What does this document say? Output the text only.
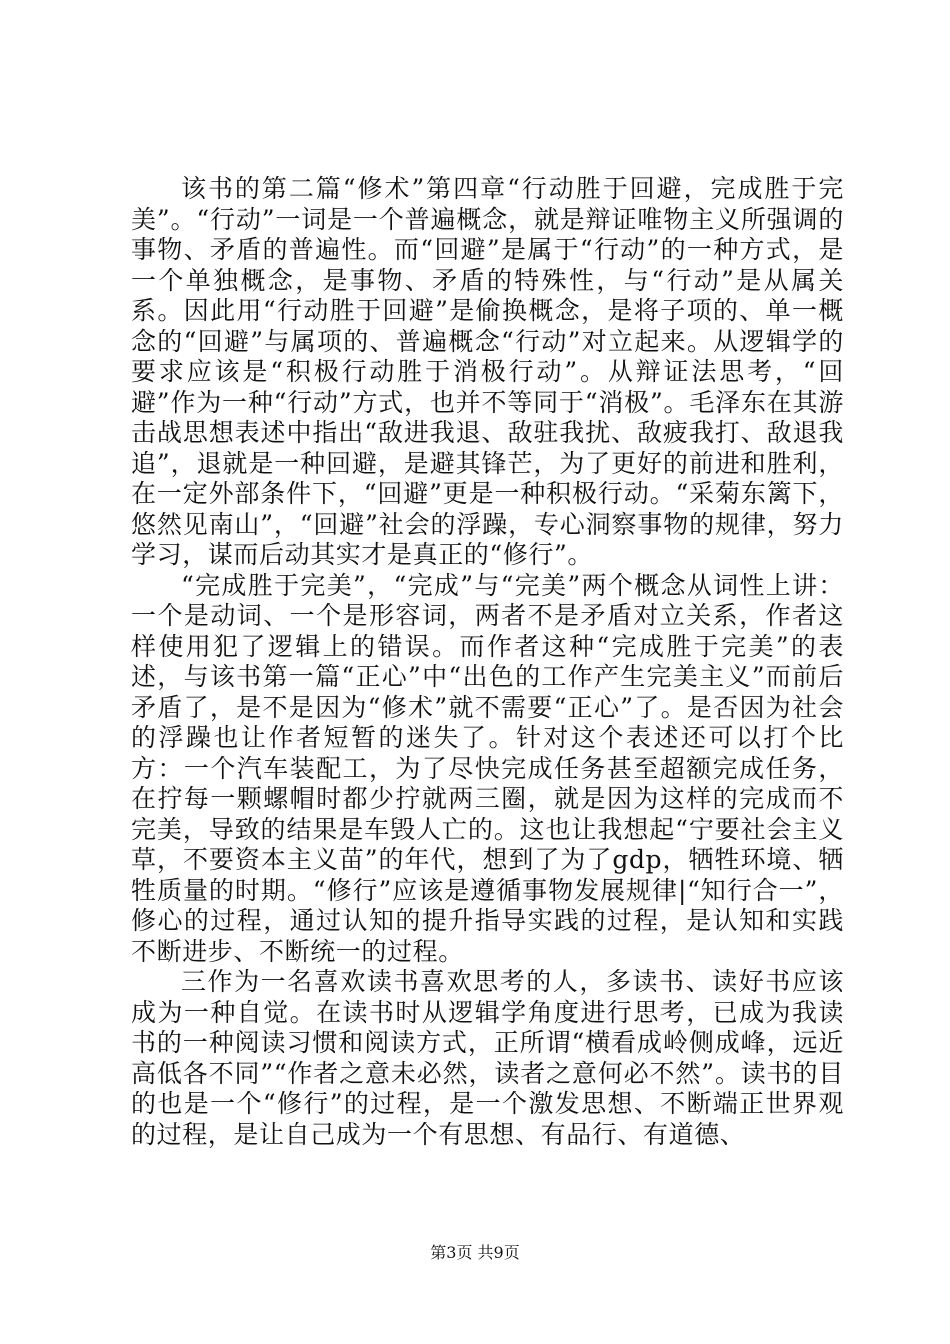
该书的第二篇“修术”第四章“行动胜于回避，完成胜于完美”。“行动”一词是一个普遍概念，就是辩证唯物主义所强调的事物、矛盾的普遍性。而“回避”是属于“行动”的一种方式，是一个单独概念，是事物、矛盾的特殊性，与“行动”是从属关系。因此用“行动胜于回避”是偷换概念，是将子项的、单一概念的“回避”与属项的、普遍概念“行动”对立起来。从逻辑学的要求应该是“积极行动胜于消极行动”。从辩证法思考，“回避”作为一种“行动”方式，也并不等同于“消极”。毛泽东在其游击战思想表述中指出“敌进我退、敌驻我扰、敌疲我打、敌退我追”，退就是一种回避，是避其锋芒，为了更好的前进和胜利，在一定外部条件下，“回避”更是一种积极行动。“采菊东篱下，悠然见南山”，“回避”社会的浮躁，专心洞察事物的规律，努力学习，谋而后动其实才是真正的“修行”。

“完成胜于完美”，“完成”与“完美”两个概念从词性上讲：一个是动词、一个是形容词，两者不是矛盾对立关系，作者这样使用犯了逻辑上的错误。而作者这种“完成胜于完美”的表述，与该书第一篇“正心”中“出色的工作产生完美主义”而前后矛盾了，是不是因为“修术”就不需要“正心”了。是否因为社会的浮躁也让作者短暂的迷失了。针对这个表述还可以打个比方：一个汽车装配工，为了尽快完成任务甚至超额完成任务，在拧每一颗螺帽时都少拧就两三圈，就是因为这样的完成而不完美，导致的结果是车毁人亡的。这也让我想起“宁要社会主义草，不要资本主义苗”的年代，想到了为了gdp，牺牲环境、牺牲质量的时期。“修行”应该是遵循事物发展规律|“知行合一”，修心的过程，通过认知的提升指导实践的过程，是认知和实践不断进步、不断统一的过程。

三作为一名喜欢读书喜欢思考的人，多读书、读好书应该成为一种自觉。在读书时从逻辑学角度进行思考，已成为我读书的一种阅读习惯和阅读方式，正所谓“横看成岭侧成峰，远近高低各不同”“作者之意未必然，读者之意何必不然”。读书的目的也是一个“修行”的过程，是一个激发思想、不断端正世界观的过程，是让自己成为一个有思想、有品行、有道德、

第3页 共9页
